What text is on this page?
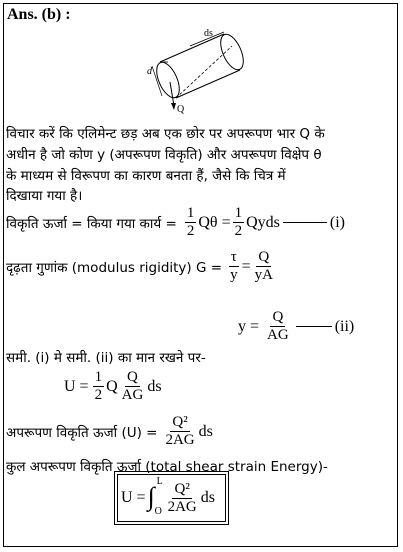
Ans. (b) :
ds
d
Q
विचार करें कि एलिमेन्ट छड़ अब एक छोर पर अपरूपण भार Q के
अधीन है जो कोण y (अपरूपण विकृति) और अपरूपण विक्षेप θ
के माध्यम से विरूपण का कारण बनता हैं, जैसे कि चित्र में
दिखाया गया है।
विकृति ऊर्जा = किया गया कार्य = $\frac{1}{2}$ $Q\theta = \frac{1}{2}$ Qyds	(i)
दृढ़ता गुणांक (modulus rigidity) $G = \frac{\tau}{y} = \frac{Q}{yA}$
$y = \frac{Q}{AG}$	(ii)
समी. (i) मे समी. (ii) का मान रखने पर-
$U = \frac{1}{2}$ Q $\frac{Q}{AG}$ ds
अपरूपण विकृति ऊर्जा $(U) = \frac{\text{Q²}}{2AG}$ ds
कुल अपरूपण विकृति ऊर्जा (total shear strain Energy)-
U = ∫
L
O $\frac{\text{Q²}}{2AG}$ ds
